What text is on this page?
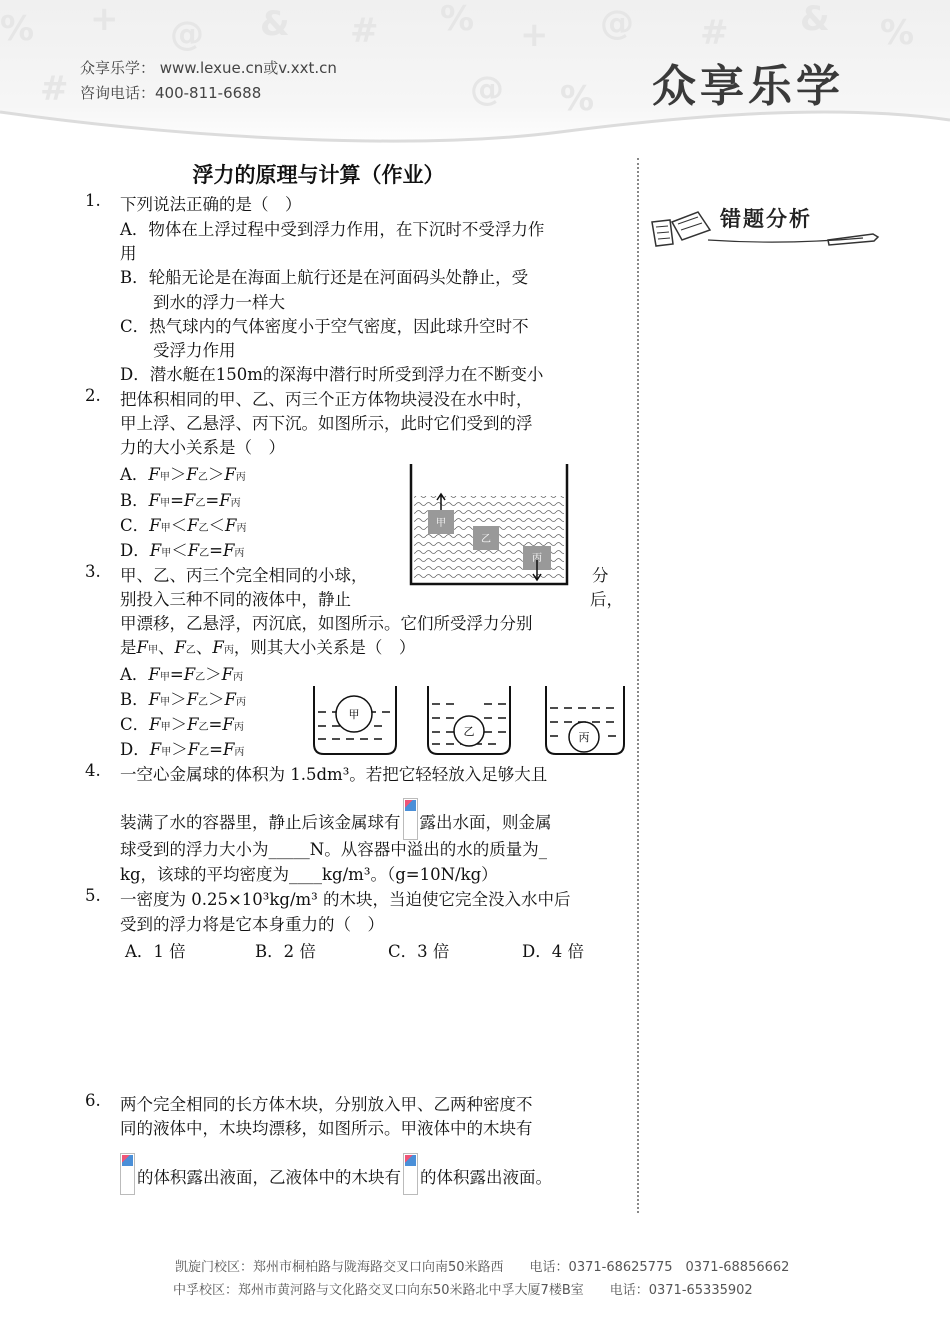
% + @ & # % + @ # & %
#	@ %
众享乐学： www.lexue.cn或v.xxt.cn
咨询电话：400-811-6688	众享乐学
错题分析
浮力的原理与计算（作业）
1. 下列说法正确的是（　）
A．物体在上浮过程中受到浮力作用，在下沉时不受浮力作
用
B．轮船无论是在海面上航行还是在河面码头处静止，受
到水的浮力一样大
C．热气球内的气体密度小于空气密度，因此球升空时不
受浮力作用
D．潜水艇在150m的深海中潜行时所受到浮力在不断变小
2. 把体积相同的甲、乙、丙三个正方体物块浸没在水中时，
甲上浮、乙悬浮、丙下沉。如图所示，此时它们受到的浮
力的大小关系是（　）
A．F甲＞F乙＞F丙
B．F甲=F乙=F丙
C．F甲＜F乙＜F丙
D．F甲＜F乙=F丙
甲
乙
丙
3. 甲、乙、丙三个完全相同的小球，	分
别投入三种不同的液体中，静止	后，
甲漂移，乙悬浮，丙沉底，如图所示。它们所受浮力分别
是F甲、F乙、F丙，则其大小关系是（　）
A．F甲=F乙＞F丙
B．F甲＞F乙＞F丙
C．F甲＞F乙=F丙
D．F甲＞F乙=F丙
甲
乙	丙
4. 一空心金属球的体积为 1.5dm³。若把它轻轻放入足够大且
装满了水的容器里，静止后该金属球有 露出水面，则金属
球受到的浮力大小为_____N。从容器中溢出的水的质量为_
kg，该球的平均密度为____kg/m³。（g=10N/kg）
5. 一密度为 0.25×10³kg/m³ 的木块，当迫使它完全没入水中后
受到的浮力将是它本身重力的（　）
A．1 倍	B．2 倍	C．3 倍	D．4 倍
6. 两个完全相同的长方体木块，分别放入甲、乙两种密度不
同的液体中，木块均漂移，如图所示。甲液体中的木块有
的体积露出液面，乙液体中的木块有 的体积露出液面。
凯旋门校区：郑州市桐柏路与陇海路交叉口向南50米路西　　电话：0371-68625775　0371-68856662
中孚校区：郑州市黄河路与文化路交叉口向东50米路北中孚大厦7楼B室　　电话：0371-65335902
